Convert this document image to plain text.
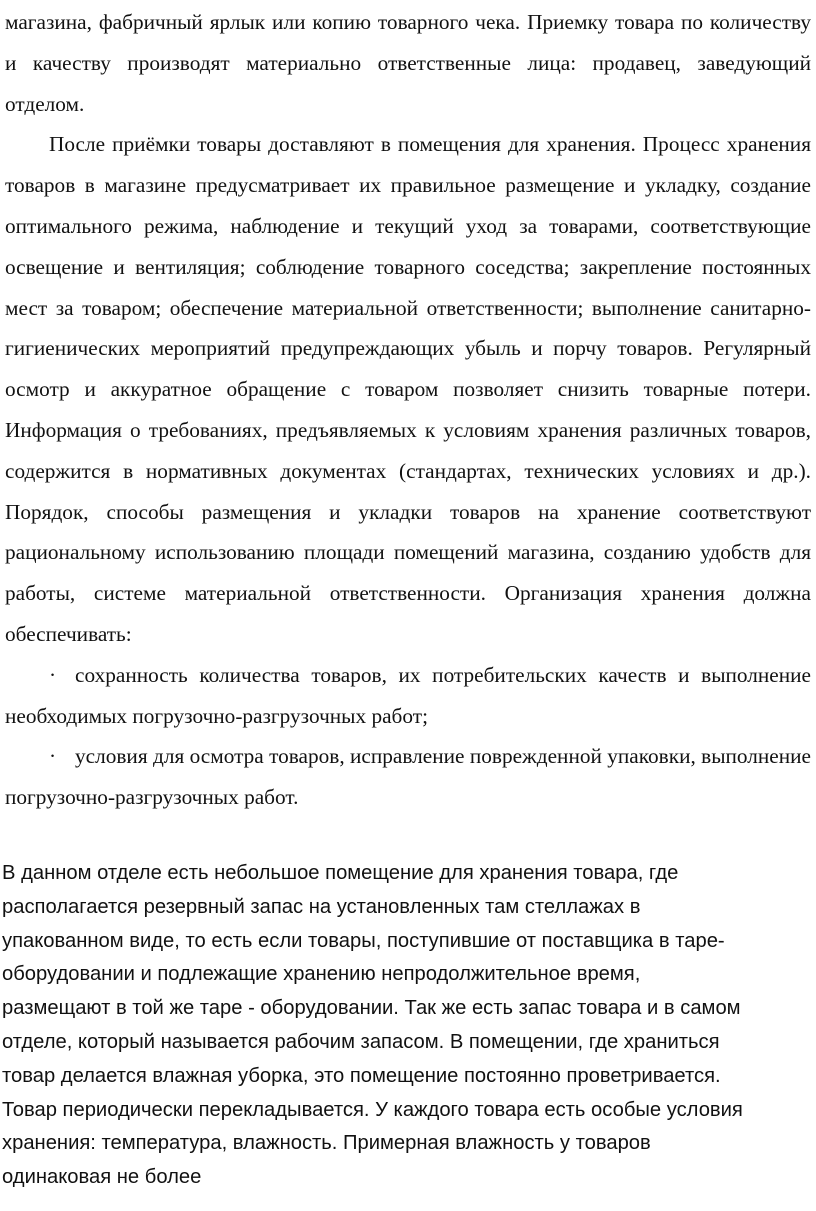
магазина, фабричный ярлык или копию товарного чека. Приемку товара по количеству и качеству производят материально ответственные лица: продавец, заведующий отделом.

После приёмки товары доставляют в помещения для хранения. Процесс хранения товаров в магазине предусматривает их правильное размещение и укладку, создание оптимального режима, наблюдение и текущий уход за товарами, соответствующие освещение и вентиляция; соблюдение товарного соседства; закрепление постоянных мест за товаром; обеспечение материальной ответственности; выполнение санитарно-гигиенических мероприятий предупреждающих убыль и порчу товаров. Регулярный осмотр и аккуратное обращение с товаром позволяет снизить товарные потери. Информация о требованиях, предъявляемых к условиям хранения различных товаров, содержится в нормативных документах (стандартах, технических условиях и др.). Порядок, способы размещения и укладки товаров на хранение соответствуют рациональному использованию площади помещений магазина, созданию удобств для работы, системе материальной ответственности. Организация хранения должна обеспечивать:

· сохранность количества товаров, их потребительских качеств и выполнение необходимых погрузочно-разгрузочных работ;

· условия для осмотра товаров, исправление поврежденной упаковки, выполнение погрузочно-разгрузочных работ.

В данном отделе есть небольшое помещение для хранения товара, где

располагается резервный запас на установленных там стеллажах в

упакованном виде, то есть если товары, поступившие от поставщика в таре-

оборудовании и подлежащие хранению непродолжительное время,

размещают в той же таре - оборудовании. Так же есть запас товара и в самом

отделе, который называется рабочим запасом. В помещении, где храниться

товар делается влажная уборка, это помещение постоянно проветривается.

Товар периодически перекладывается. У каждого товара есть особые условия

хранения: температура, влажность. Примерная влажность у товаров

одинаковая не более
